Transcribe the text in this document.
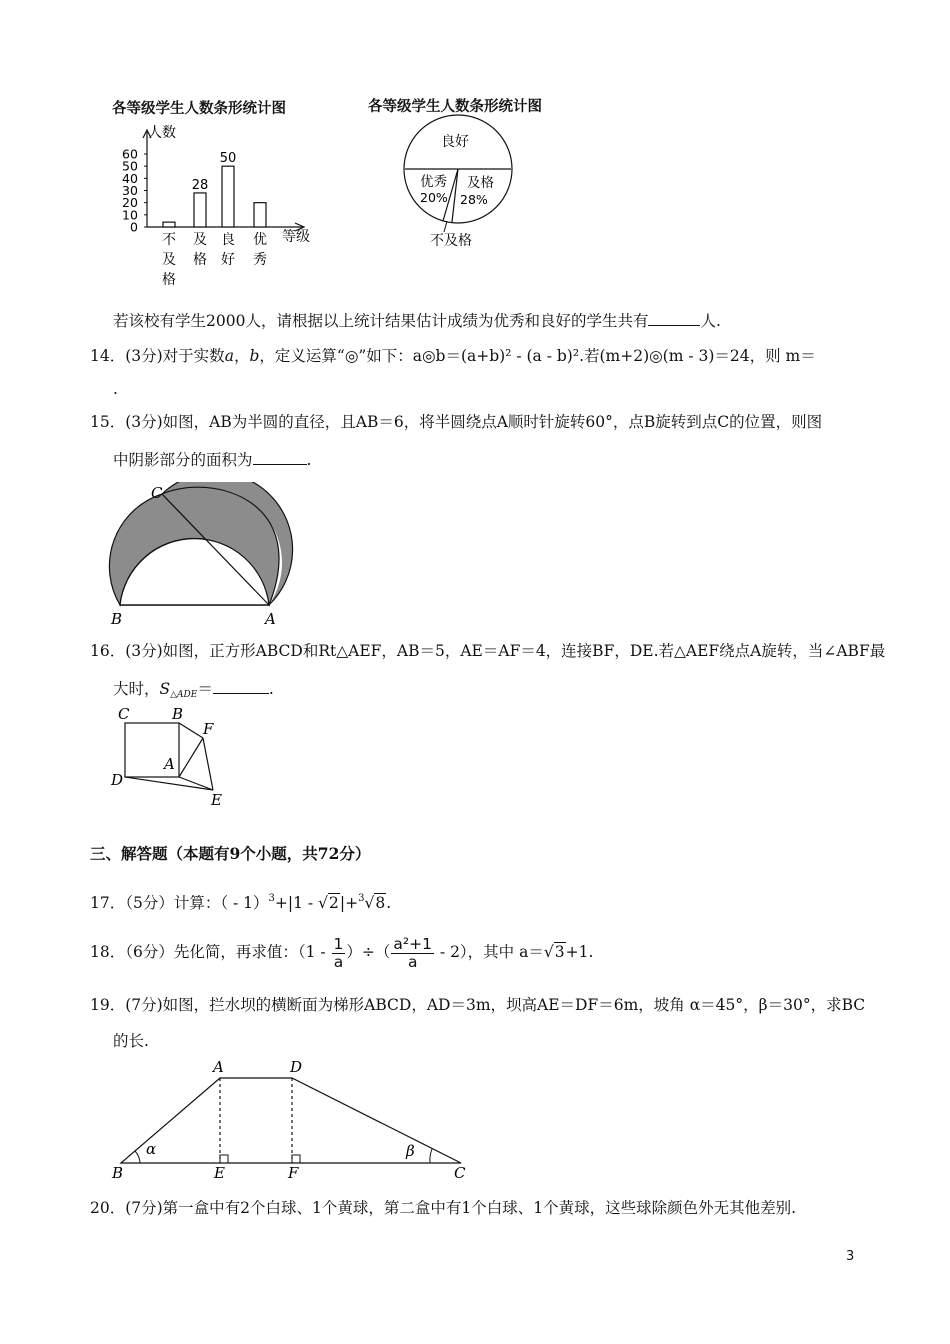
各等级学生人数条形统计图
人数
等级
60
50
40
30
20
10
0
28
50
不
及
格
及
格
良
好
优
秀
各等级学生人数条形统计图
良好
优秀
20%
及格
28%
不及格
若该校有学生2000人，请根据以上统计结果估计成绩为优秀和良好的学生共有	人.
14．(3分)对于实数a，b，定义运算“◎”如下：a◎b＝(a+b)² - (a - b)².若(m+2)◎(m - 3)＝24，则 m＝
.
15．(3分)如图，AB为半圆的直径，且AB＝6，将半圆绕点A顺时针旋转60°，点B旋转到点C的位置，则图
中阴影部分的面积为	.
C
B	A
16．(3分)如图，正方形ABCD和Rt△AEF，AB＝5，AE＝AF＝4，连接BF，DE.若△AEF绕点A旋转，当∠ABF最
大时，$S_{\triangle ADE}=$	.
C	B
F
A
D
E
三、解答题（本题有9个小题，共72分）
17．（5分）计算：（ - 1）$^3$+|1 - √2|+$^3$√8.
18．（6分）先化简，再求值：（$1 - \frac{1}{a}$ ）÷（ $\frac{\text{a²+1}}{a} - 2$），其中 a＝√3+1.
19．(7分)如图，拦水坝的横断面为梯形ABCD，AD＝3m，坝高AE＝DF＝6m，坡角 α＝45°，β＝30°，求BC
的长.
A	D
B	E	F	C
α	β
20．(7分)第一盒中有2个白球、1个黄球，第二盒中有1个白球、1个黄球，这些球除颜色外无其他差别.
3
